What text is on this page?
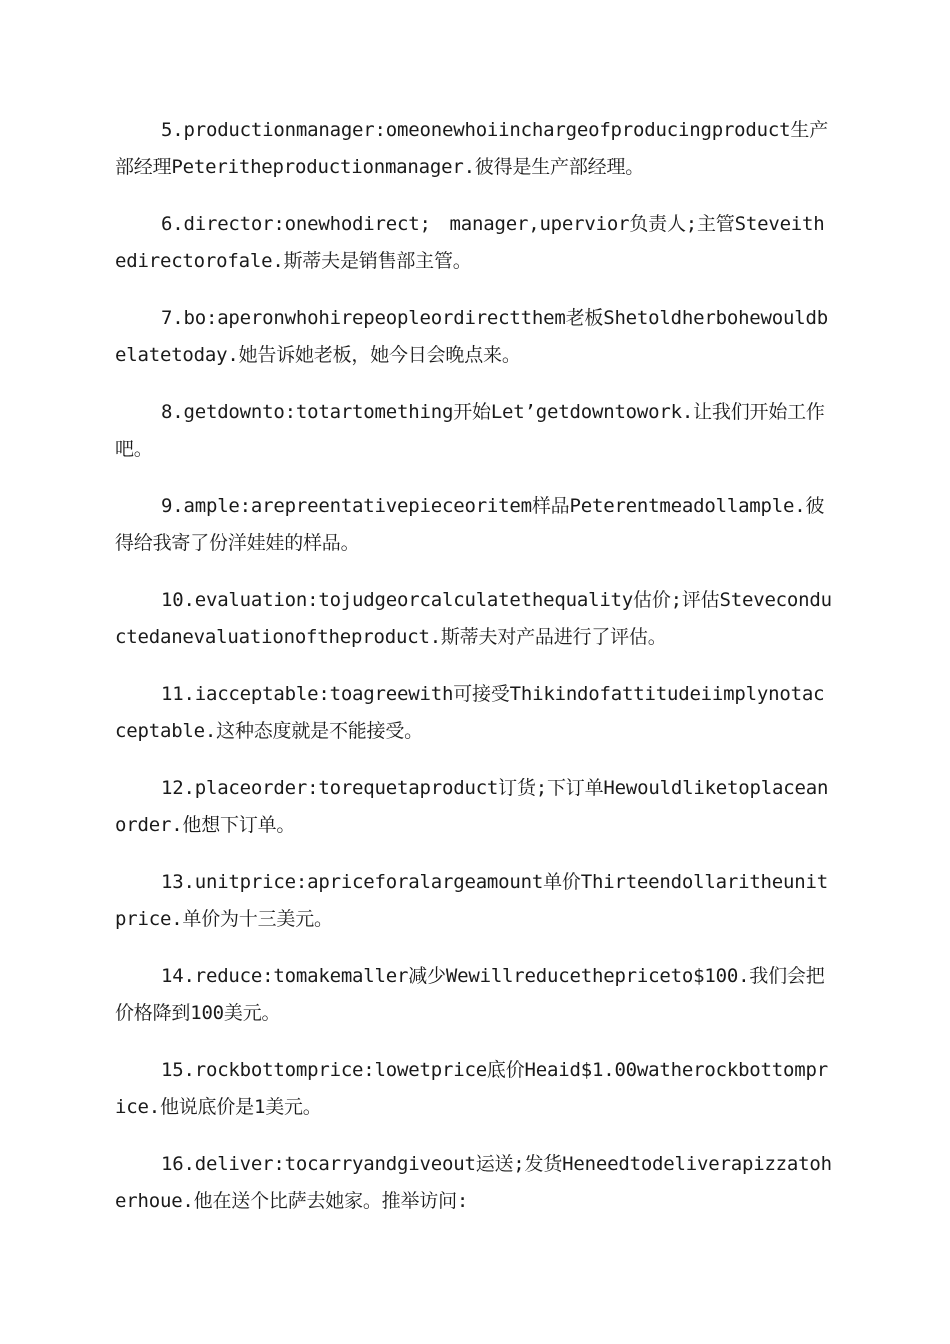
5.productionmanager:omeonewhoiinchargeofproducingproduct生产部经理Peteritheproductionmanager.彼得是生产部经理。

6.director:onewhodirect;　manager,upervior负责人;主管Steveithedirectorofale.斯蒂夫是销售部主管。

7.bo:aperonwhohirepeopleordirectthem老板Shetoldherbohewouldbelatetoday.她告诉她老板，她今日会晚点来。

8.getdownto:totartomething开始Let’getdowntowork.让我们开始工作吧。

9.ample:arepreentativepieceoritem样品Peterentmeadollample.彼得给我寄了份洋娃娃的样品。

10.evaluation:tojudgeorcalculatethequality估价;评估Steveconductedanevaluationoftheproduct.斯蒂夫对产品进行了评估。

11.iacceptable:toagreewith可接受Thikindofattitudeiimplynotacceptable.这种态度就是不能接受。

12.placeorder:torequetaproduct订货;下订单Hewouldliketoplaceanorder.他想下订单。

13.unitprice:apriceforalargeamount单价Thirteendollaritheunitprice.单价为十三美元。

14.reduce:tomakemaller减少Wewillreducethepriceto$100.我们会把价格降到100美元。

15.rockbottomprice:lowetprice底价Heaid$1.00watherockbottomprice.他说底价是1美元。

16.deliver:tocarryandgiveout运送;发货Heneedtodeliverapizzatoherhoue.他在送个比萨去她家。推举访问:
